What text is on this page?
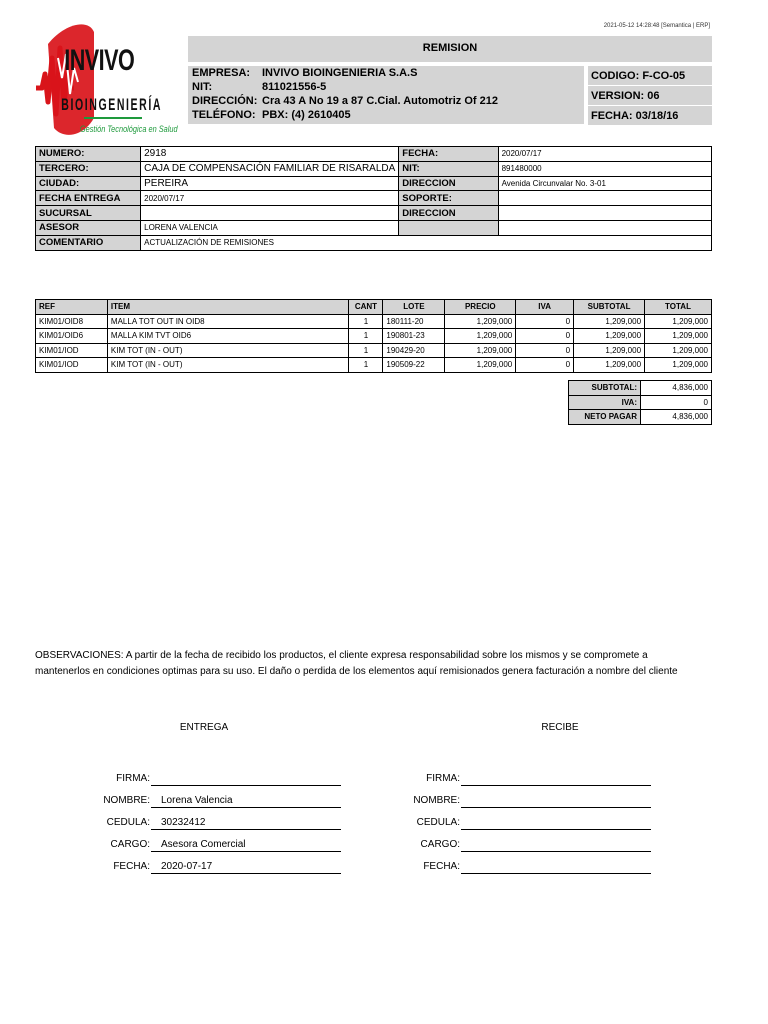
2021-05-12 14:28:48 [Semantica | ERP]
INVIVO
BIOINGENIERÍA
Gestión Tecnológica en Salud
REMISION
EMPRESA: INVIVO BIOINGENIERIA S.A.S
NIT:	811021556-5
DIRECCIÓN: Cra 43 A No 19 a 87 C.Cial. Automotriz Of 212
TELÉFONO: PBX: (4) 2610405
CODIGO: F-CO-05
VERSION: 06
FECHA: 03/18/16
NUMERO:	2918	FECHA:	2020/07/17
TERCERO:	CAJA DE COMPENSACIÓN FAMILIAR DE RISARALDA	NIT:	891480000
CIUDAD:	PEREIRA	DIRECCION	Avenida Circunvalar No. 3-01
FECHA ENTREGA	2020/07/17	SOPORTE:	
SUCURSAL		DIRECCION	
ASESOR	LORENA VALENCIA		
COMENTARIO	ACTUALIZACIÓN DE REMISIONES		
REF	ITEM	CANT	LOTE	PRECIO	IVA	SUBTOTAL	TOTAL
KIM01/OID8	MALLA TOT OUT IN OID8	1	180111-20	1,209,000	0	1,209,000	1,209,000
KIM01/OID6	MALLA KIM TVT OID6	1	190801-23	1,209,000	0	1,209,000	1,209,000
KIM01/IOD	KIM TOT (IN - OUT)	1	190429-20	1,209,000	0	1,209,000	1,209,000
KIM01/IOD	KIM TOT (IN - OUT)	1	190509-22	1,209,000	0	1,209,000	1,209,000
SUBTOTAL:	4,836,000
IVA:	0
NETO PAGAR	4,836,000
OBSERVACIONES: A partir de la fecha de recibido los productos, el cliente expresa responsabilidad sobre los mismos y se compromete a
mantenerlos en condiciones optimas para su uso. El daño o perdida de los elementos aquí remisionados genera facturación a nombre del cliente
ENTREGA
FIRMA:
NOMBRE:	Lorena Valencia
CEDULA:	30232412
CARGO:	Asesora Comercial
FECHA:	2020-07-17
RECIBE
FIRMA:
NOMBRE:
CEDULA:
CARGO:
FECHA:
